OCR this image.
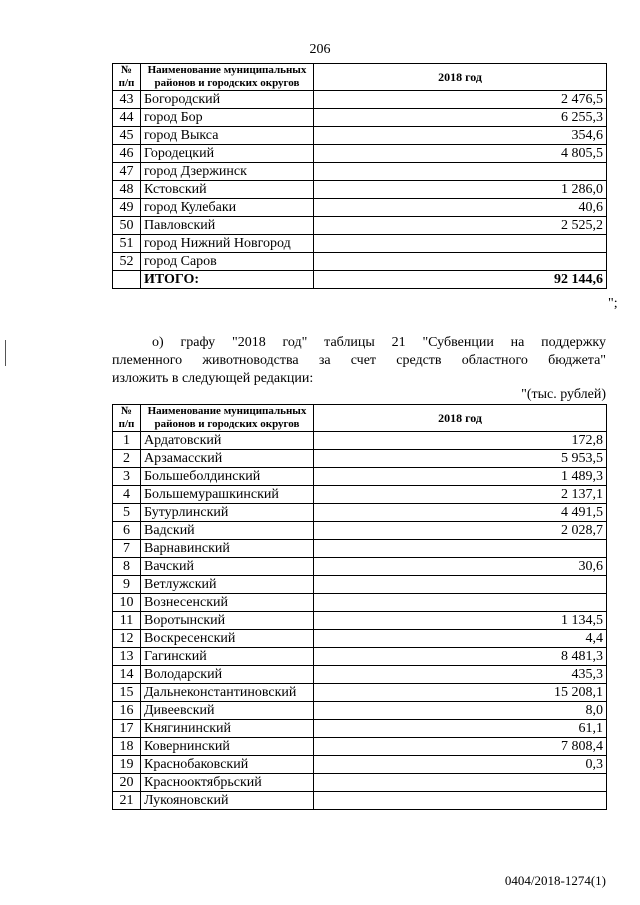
206
№ п/п	Наименование муниципальных районов и городских округов	2018 год
43	Богородский	2 476,5
44	город Бор	6 255,3
45	город Выкса	354,6
46	Городецкий	4 805,5
47	город Дзержинск	
48	Кстовский	1 286,0
49	город Кулебаки	40,6
50	Павловский	2 525,2
51	город Нижний Новгород	
52	город Саров	
	ИТОГО:	92 144,6
";
о) графу "2018 год" таблицы 21 "Субвенции на поддержку
племенного животноводства за счет средств областного бюджета"
изложить в следующей редакции:
"(тыс. рублей)
№ п/п	Наименование муниципальных районов и городских округов	2018 год
1	Ардатовский	172,8
2	Арзамасский	5 953,5
3	Большеболдинский	1 489,3
4	Большемурашкинский	2 137,1
5	Бутурлинский	4 491,5
6	Вадский	2 028,7
7	Варнавинский	
8	Вачский	30,6
9	Ветлужский	
10	Вознесенский	
11	Воротынский	1 134,5
12	Воскресенский	4,4
13	Гагинский	8 481,3
14	Володарский	435,3
15	Дальнеконстантиновский	15 208,1
16	Дивеевский	8,0
17	Княгининский	61,1
18	Ковернинский	7 808,4
19	Краснобаковский	0,3
20	Краснооктябрьский	
21	Лукояновский	
0404/2018-1274(1)
